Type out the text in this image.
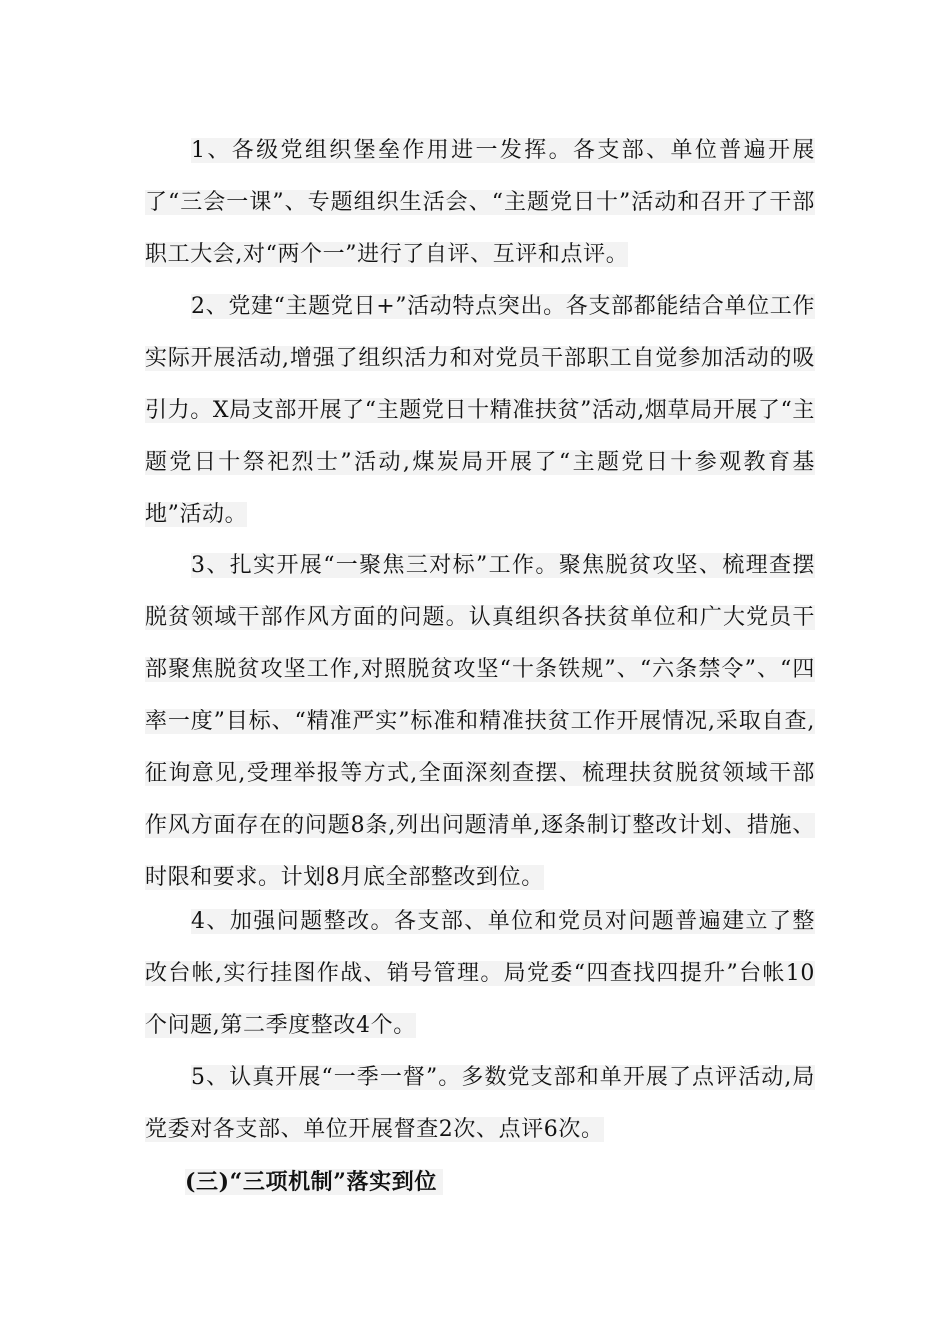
1、各级党组织堡垒作用进一发挥。各支部、单位普遍开展了“三会一课”、专题组织生活会、“主题党日十”活动和召开了干部职工大会,对“两个一”进行了自评、互评和点评。

2、党建“主题党日+”活动特点突出。各支部都能结合单位工作实际开展活动,增强了组织活力和对党员干部职工自觉参加活动的吸引力。X局支部开展了“主题党日十精准扶贫”活动,烟草局开展了“主题党日十祭祀烈士”活动,煤炭局开展了“主题党日十参观教育基地”活动。

3、扎实开展“一聚焦三对标”工作。聚焦脱贫攻坚、梳理查摆脱贫领域干部作风方面的问题。认真组织各扶贫单位和广大党员干部聚焦脱贫攻坚工作,对照脱贫攻坚“十条铁规”、“六条禁令”、“四率一度”目标、“精准严实”标准和精准扶贫工作开展情况,采取自查,征询意见,受理举报等方式,全面深刻查摆、梳理扶贫脱贫领域干部作风方面存在的问题8条,列出问题清单,逐条制订整改计划、措施、时限和要求。计划8月底全部整改到位。

4、加强问题整改。各支部、单位和党员对问题普遍建立了整改台帐,实行挂图作战、销号管理。局党委“四查找四提升”台帐10个问题,第二季度整改4个。

5、认真开展“一季一督”。多数党支部和单开展了点评活动,局党委对各支部、单位开展督查2次、点评6次。

(三)“三项机制”落实到位
